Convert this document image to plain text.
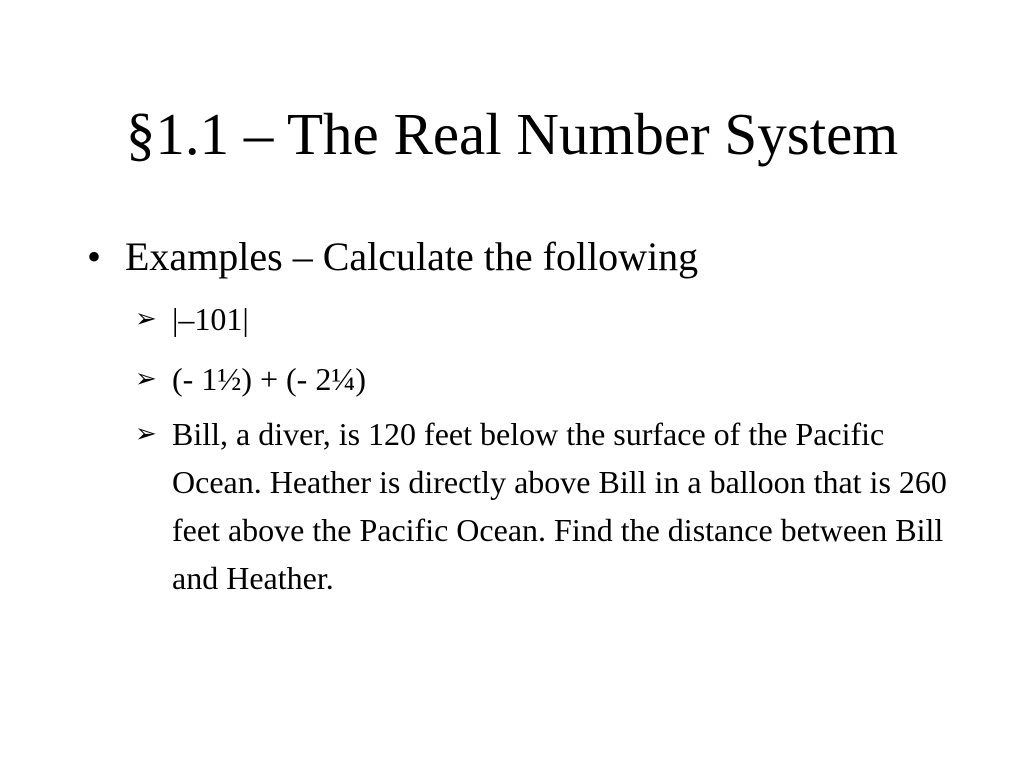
§1.1 – The Real Number System
• Examples – Calculate the following
➢ |–101|
➢ (- 1½) + (- 2¼)
➢ Bill, a diver, is 120 feet below the surface of the Pacific Ocean. Heather is directly above Bill in a balloon that is 260 feet above the Pacific Ocean. Find the distance between Bill and Heather.
